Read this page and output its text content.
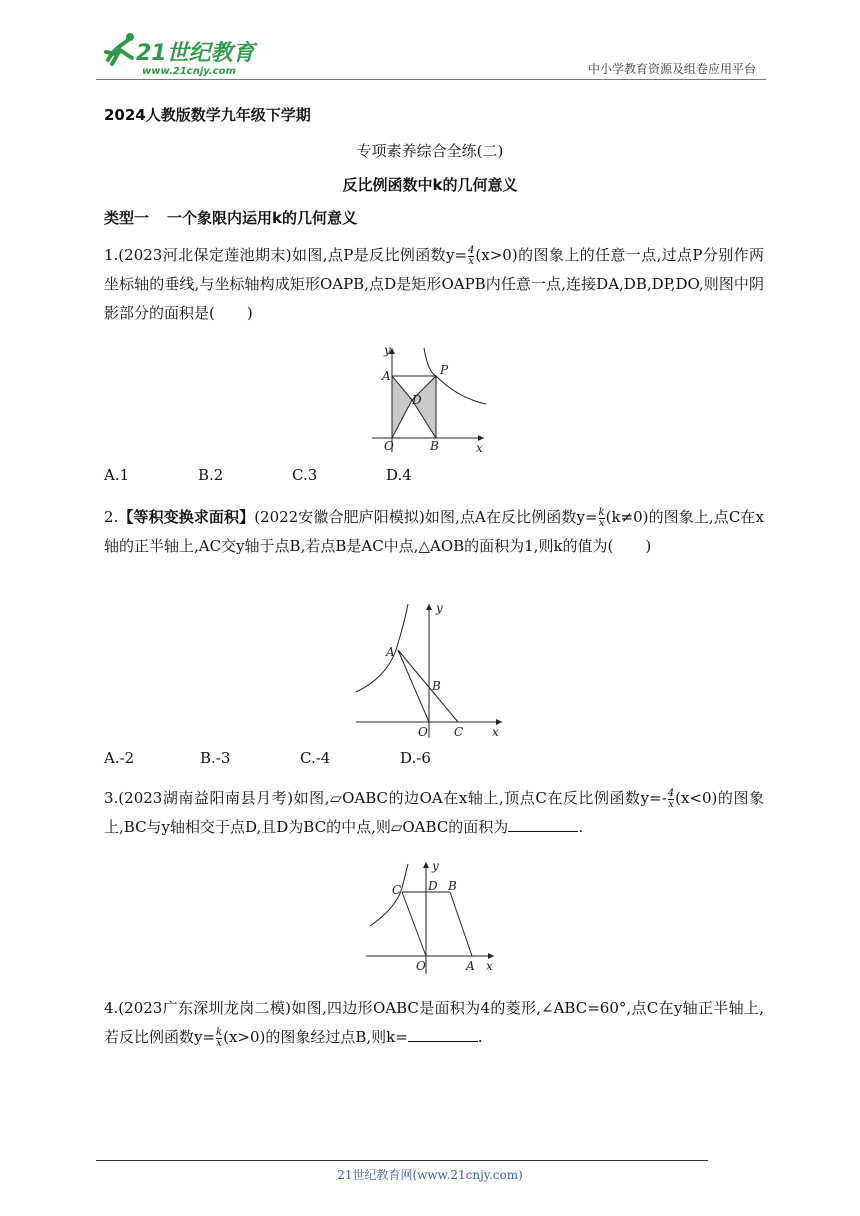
21世纪教育
www.21cnjy.com	中小学教育资源及组卷应用平台
2024人教版数学九年级下学期
专项素养综合全练(二)
反比例函数中k的几何意义
类型一 一个象限内运用k的几何意义
1.(2023河北保定莲池期末)如图,点P是反比例函数$y= \frac{4}{x} (x>0)$的图象上的任意一点,过点P分别作两坐标轴的垂线,与坐标轴构成矩形OAPB,点D是矩形OAPB内任意一点,连接DA,DB,DP,DO,则图中阴影部分的面积是( )
y
x
A	P
D
O	B
A.1	B.2	C.3	D.4
2.【等积变换求面积】(2022安徽合肥庐阳模拟)如图,点A在反比例函数$y= \frac{k}{x} (k\ne 0)$的图象上,点C在x轴的正半轴上,AC交y轴于点B,若点B是AC中点,△AOB的面积为1,则k的值为( )
y
x
A
B
O C
A.-2	B.-3	C.-4	D.-6
3.(2023湖南益阳南县月考)如图,▱OABC的边OA在x轴上,顶点C在反比例函数$y=- \frac{4}{x} (x<0)$的图象上,BC与y轴相交于点D,且D为BC的中点,则▱OABC的面积为	.
y
x
C D B
O	A
4.(2023广东深圳龙岗二模)如图,四边形OABC是面积为4的菱形,∠ABC=60°,点C在y轴正半轴上,若反比例函数$y= \frac{k}{x} (x>0)$的图象经过点B,则k=	.
21世纪教育网(www.21cnjy.com)
